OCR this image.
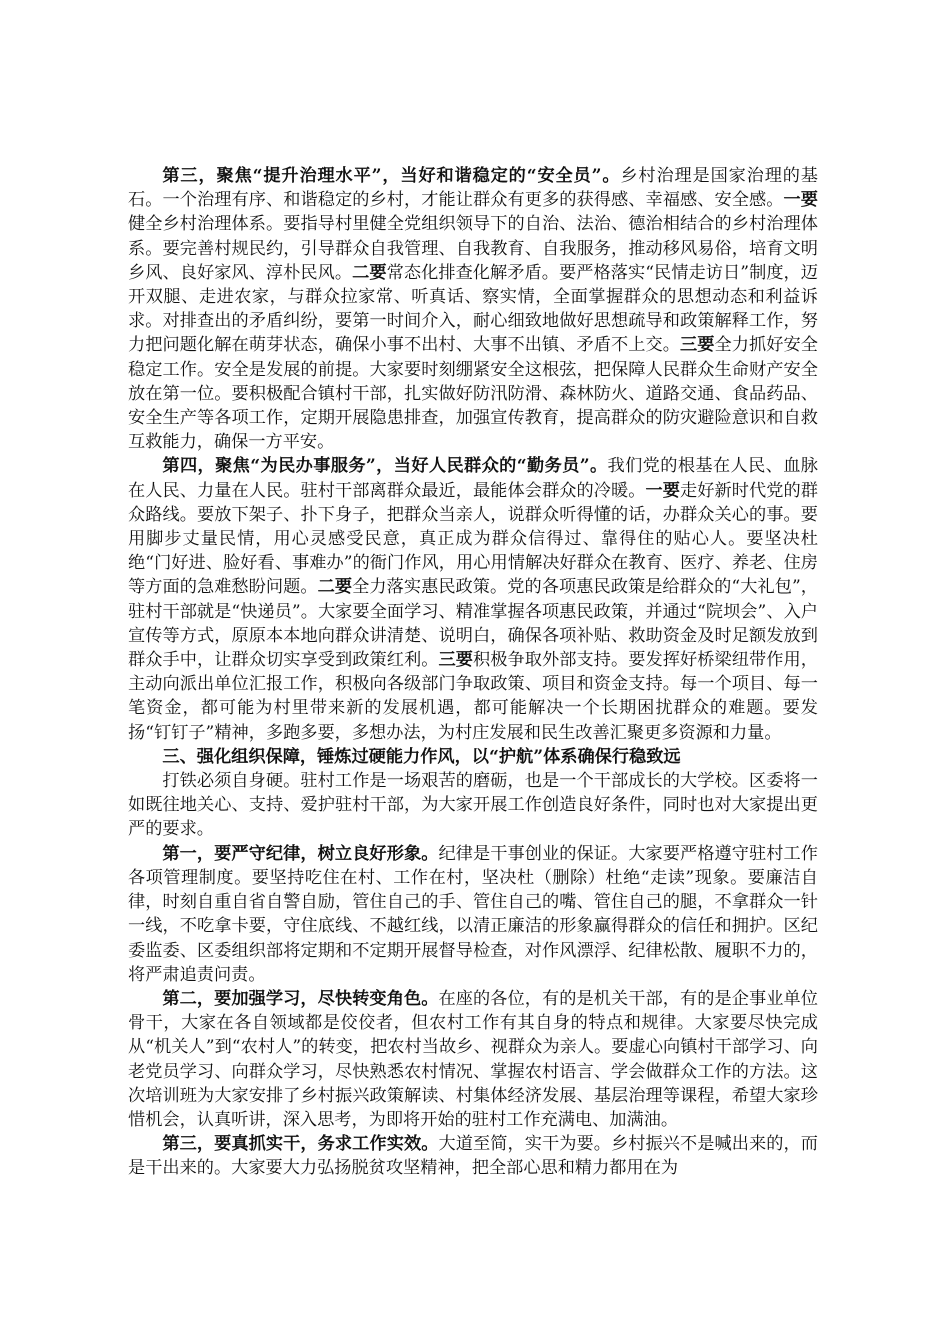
第三，聚焦“提升治理水平”，当好和谐稳定的“安全员”。乡村治理是国家治理的基石。一个治理有序、和谐稳定的乡村，才能让群众有更多的获得感、幸福感、安全感。一要健全乡村治理体系。要指导村里健全党组织领导下的自治、法治、德治相结合的乡村治理体系。要完善村规民约，引导群众自我管理、自我教育、自我服务，推动移风易俗，培育文明乡风、良好家风、淳朴民风。二要常态化排查化解矛盾。要严格落实“民情走访日”制度，迈开双腿、走进农家，与群众拉家常、听真话、察实情，全面掌握群众的思想动态和利益诉求。对排查出的矛盾纠纷，要第一时间介入，耐心细致地做好思想疏导和政策解释工作，努力把问题化解在萌芽状态，确保小事不出村、大事不出镇、矛盾不上交。三要全力抓好安全稳定工作。安全是发展的前提。大家要时刻绷紧安全这根弦，把保障人民群众生命财产安全放在第一位。要积极配合镇村干部，扎实做好防汛防滑、森林防火、道路交通、食品药品、安全生产等各项工作，定期开展隐患排查，加强宣传教育，提高群众的防灾避险意识和自救互救能力，确保一方平安。

第四，聚焦“为民办事服务”，当好人民群众的“勤务员”。我们党的根基在人民、血脉在人民、力量在人民。驻村干部离群众最近，最能体会群众的冷暖。一要走好新时代党的群众路线。要放下架子、扑下身子，把群众当亲人，说群众听得懂的话，办群众关心的事。要用脚步丈量民情，用心灵感受民意，真正成为群众信得过、靠得住的贴心人。要坚决杜绝“门好进、脸好看、事难办”的衙门作风，用心用情解决好群众在教育、医疗、养老、住房等方面的急难愁盼问题。二要全力落实惠民政策。党的各项惠民政策是给群众的“大礼包”，驻村干部就是“快递员”。大家要全面学习、精准掌握各项惠民政策，并通过“院坝会”、入户宣传等方式，原原本本地向群众讲清楚、说明白，确保各项补贴、救助资金及时足额发放到群众手中，让群众切实享受到政策红利。三要积极争取外部支持。要发挥好桥梁纽带作用，主动向派出单位汇报工作，积极向各级部门争取政策、项目和资金支持。每一个项目、每一笔资金，都可能为村里带来新的发展机遇，都可能解决一个长期困扰群众的难题。要发扬“钉钉子”精神，多跑多要，多想办法，为村庄发展和民生改善汇聚更多资源和力量。

三、强化组织保障，锤炼过硬能力作风，以“护航”体系确保行稳致远

打铁必须自身硬。驻村工作是一场艰苦的磨砺，也是一个干部成长的大学校。区委将一如既往地关心、支持、爱护驻村干部，为大家开展工作创造良好条件，同时也对大家提出更严的要求。

第一，要严守纪律，树立良好形象。纪律是干事创业的保证。大家要严格遵守驻村工作各项管理制度。要坚持吃住在村、工作在村，坚决杜（删除）杜绝“走读”现象。要廉洁自律，时刻自重自省自警自励，管住自己的手、管住自己的嘴、管住自己的腿，不拿群众一针一线，不吃拿卡要，守住底线、不越红线，以清正廉洁的形象赢得群众的信任和拥护。区纪委监委、区委组织部将定期和不定期开展督导检查，对作风漂浮、纪律松散、履职不力的，将严肃追责问责。

第二，要加强学习，尽快转变角色。在座的各位，有的是机关干部，有的是企事业单位骨干，大家在各自领域都是佼佼者，但农村工作有其自身的特点和规律。大家要尽快完成从“机关人”到“农村人”的转变，把农村当故乡、视群众为亲人。要虚心向镇村干部学习、向老党员学习、向群众学习，尽快熟悉农村情况、掌握农村语言、学会做群众工作的方法。这次培训班为大家安排了乡村振兴政策解读、村集体经济发展、基层治理等课程，希望大家珍惜机会，认真听讲，深入思考，为即将开始的驻村工作充满电、加满油。

第三，要真抓实干，务求工作实效。大道至简，实干为要。乡村振兴不是喊出来的，而是干出来的。大家要大力弘扬脱贫攻坚精神，把全部心思和精力都用在为
